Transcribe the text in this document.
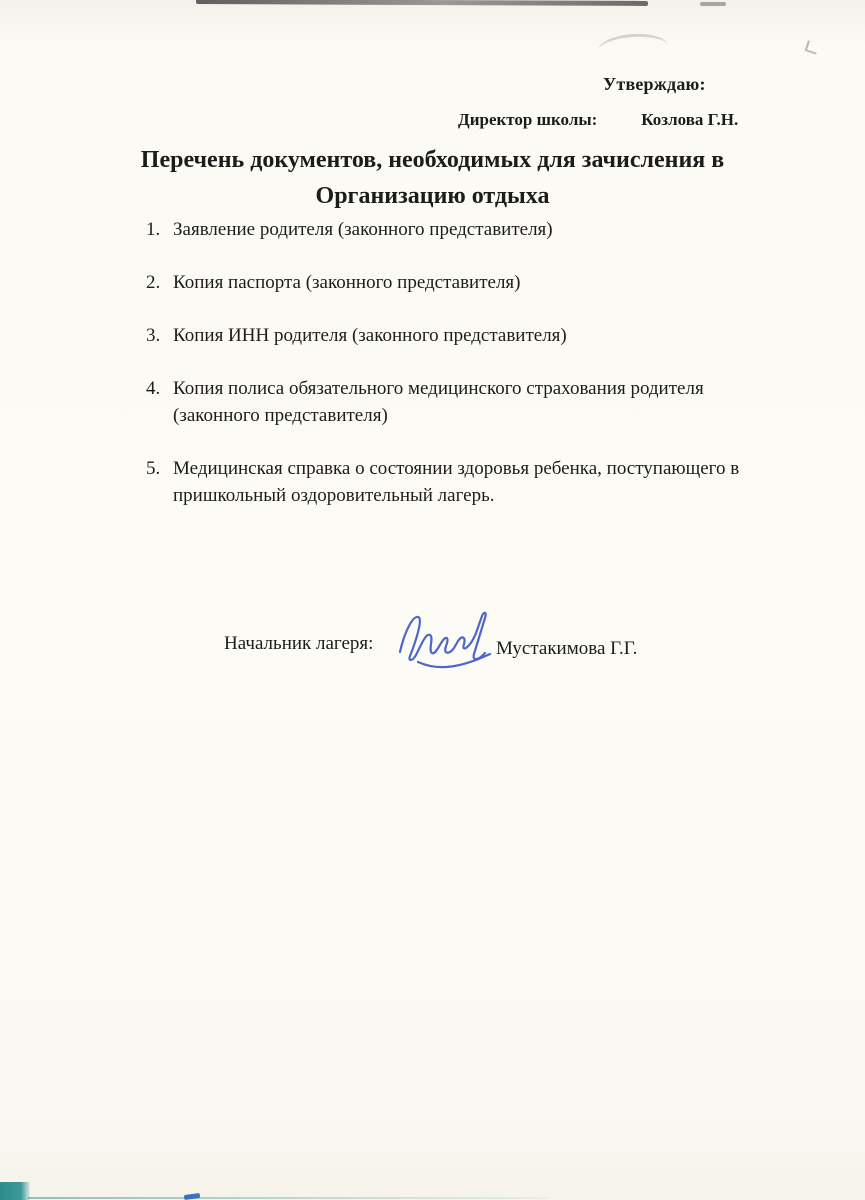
Утверждаю:
Директор школы:	Козлова Г.Н.
Перечень документов, необходимых для зачисления в
Организацию отдыха
1. Заявление родителя (законного представителя)
2. Копия паспорта (законного представителя)
3. Копия ИНН родителя (законного представителя)
4. Копия полиса обязательного медицинского страхования родителя (законного представителя)
5. Медицинская справка о состоянии здоровья ребенка, поступающего в пришкольный оздоровительный лагерь.
Начальник лагеря:	Мустакимова Г.Г.
